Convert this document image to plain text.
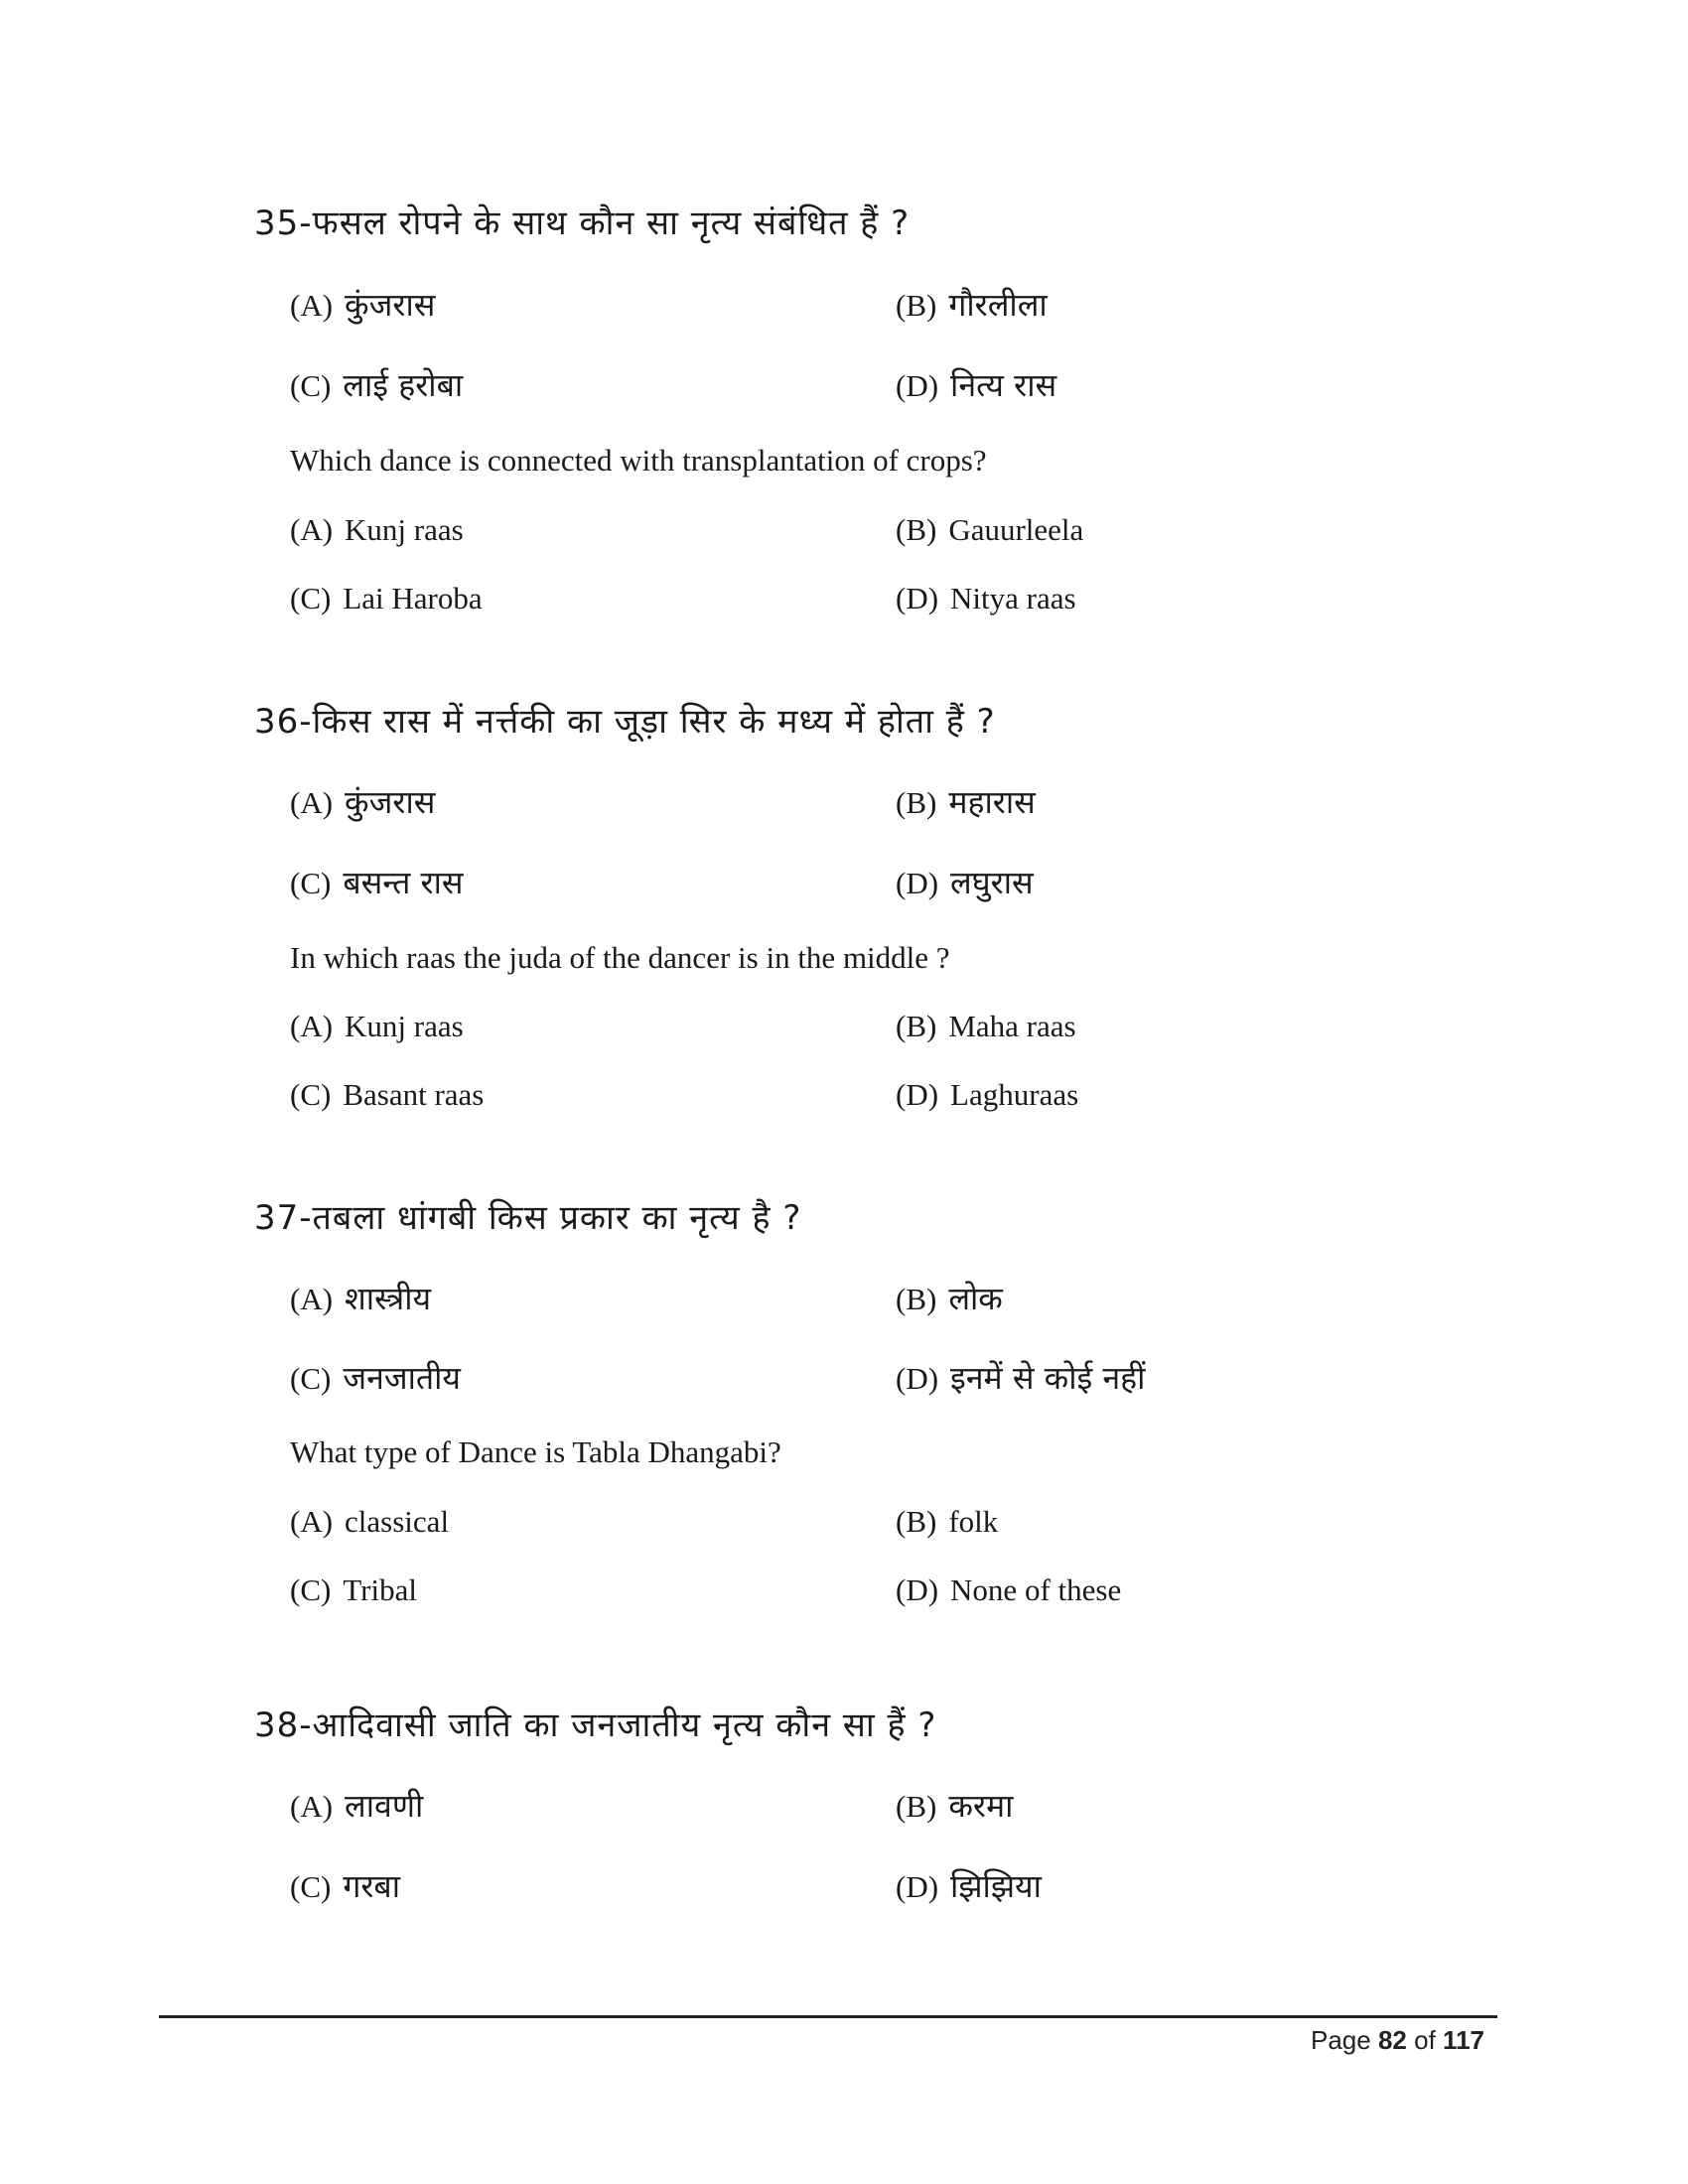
35-फसल रोपने के साथ कौन सा नृत्य संबंधित हैं ?
(A) कुंजरास	(B) गौरलीला
(C) लाई हरोबा	(D) नित्य रास
Which dance is connected with transplantation of crops?
(A) Kunj raas	(B) Gauurleela
(C) Lai Haroba	(D) Nitya raas
36-किस रास में नर्त्तकी का जूड़ा सिर के मध्य में होता हैं ?
(A) कुंजरास	(B) महारास
(C) बसन्त रास	(D) लघुरास
In which raas the juda of the dancer is in the middle ?
(A) Kunj raas	(B) Maha raas
(C) Basant raas	(D) Laghuraas
37-तबला धांगबी किस प्रकार का नृत्य है ?
(A) शास्त्रीय	(B) लोक
(C) जनजातीय	(D) इनमें से कोई नहीं
What type of Dance is Tabla Dhangabi?
(A) classical	(B) folk
(C) Tribal	(D) None of these
38-आदिवासी जाति का जनजातीय नृत्य कौन सा हैं ?
(A) लावणी	(B) करमा
(C) गरबा	(D) झिझिया
Page 82 of 117
